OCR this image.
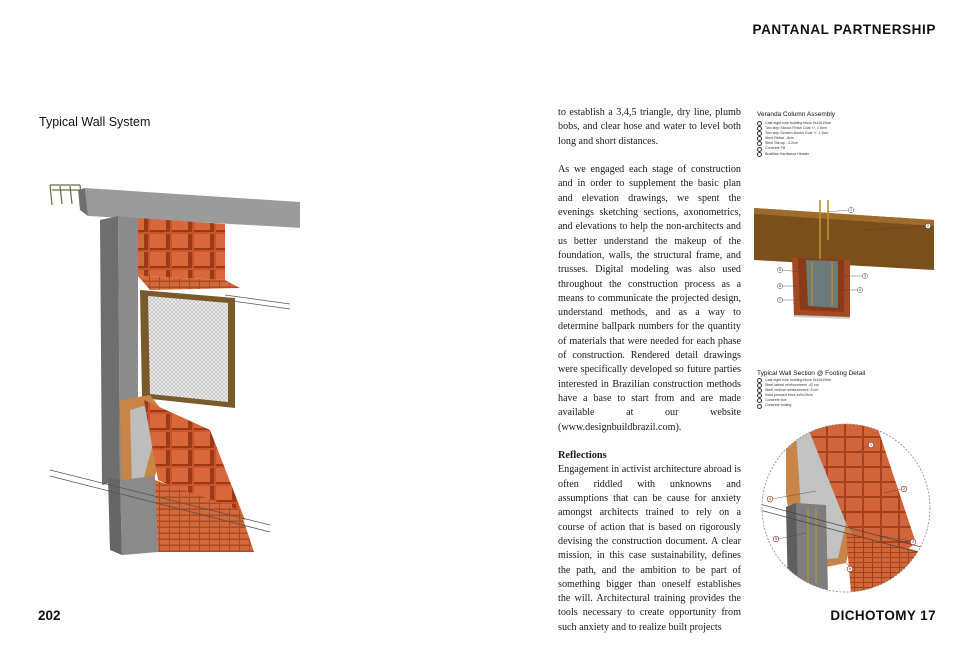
PANTANAL PARTNERSHIP
Typical Wall System

to establish a 3,4,5 triangle, dry line, plumb bobs, and clear hose and water to level both long and short distances.

As we engaged each stage of construction and in order to supplement the basic plan and elevation drawings, we spent the evenings sketching sections, axonometrics, and elevations to help the non-architects and us better understand the makeup of the foundation, walls, the structural frame, and trusses. Digital modeling was also used throughout the construction process as a means to communicate the projected design, understand methods, and as a way to determine ballpark numbers for the quantity of materials that were needed for each phase of construction. Rendered detail drawings were specifically developed so future parties interested in Brazilian construction methods have a base to start from and are made available at our website (www.designbuildbrazil.com).

Reflections

Engagement in activist architecture abroad is often riddled with unknowns and assumptions that can be cause for anxiety amongst architects trained to rely on a course of action that is based on rigorously devising the construction document. A clear mission, in this case sustainability, defines the path, and the ambition to be part of something bigger than oneself establishes the will. Architectural training provides the tools necessary to create opportunity from such anxiety and to realize built projects

Veranda Column Assembly
Cast eight hole building block 9x19x19cm
Two step Stucco Finish Coat +/- 1.5cm
Two step Scratch Brown Coat +/- 1.5cm
Steel Rebar - 8cm
Steel Stirrup - 4.2cm
Concrete Fill
Brazilian Hardwood Header
1
2
3
4
5
6
7
Typical Wall Section @ Footing Detail
Cast eight hole building block 9x19x19cm
Steel lateral reinforcement .42 cm
Steel vertical reinforcement .8 cm
Solid pressed brick 4x9x19cm
Concrete box
Concrete footing
1
2
3
4
5
6
202	DICHOTOMY 17
